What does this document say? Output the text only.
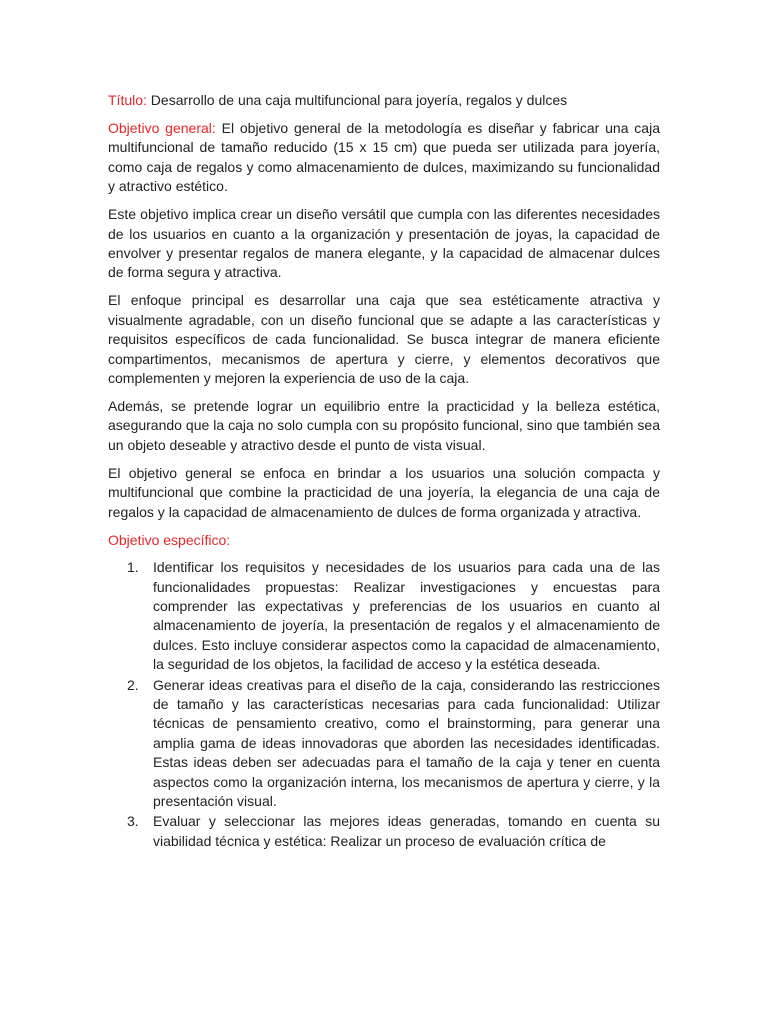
Título: Desarrollo de una caja multifuncional para joyería, regalos y dulces

Objetivo general: El objetivo general de la metodología es diseñar y fabricar una caja multifuncional de tamaño reducido (15 x 15 cm) que pueda ser utilizada para joyería, como caja de regalos y como almacenamiento de dulces, maximizando su funcionalidad y atractivo estético.

Este objetivo implica crear un diseño versátil que cumpla con las diferentes necesidades de los usuarios en cuanto a la organización y presentación de joyas, la capacidad de envolver y presentar regalos de manera elegante, y la capacidad de almacenar dulces de forma segura y atractiva.

El enfoque principal es desarrollar una caja que sea estéticamente atractiva y visualmente agradable, con un diseño funcional que se adapte a las características y requisitos específicos de cada funcionalidad. Se busca integrar de manera eficiente compartimentos, mecanismos de apertura y cierre, y elementos decorativos que complementen y mejoren la experiencia de uso de la caja.

Además, se pretende lograr un equilibrio entre la practicidad y la belleza estética, asegurando que la caja no solo cumpla con su propósito funcional, sino que también sea un objeto deseable y atractivo desde el punto de vista visual.

El objetivo general se enfoca en brindar a los usuarios una solución compacta y multifuncional que combine la practicidad de una joyería, la elegancia de una caja de regalos y la capacidad de almacenamiento de dulces de forma organizada y atractiva.

Objetivo específico:

1. Identificar los requisitos y necesidades de los usuarios para cada una de las funcionalidades propuestas: Realizar investigaciones y encuestas para comprender las expectativas y preferencias de los usuarios en cuanto al almacenamiento de joyería, la presentación de regalos y el almacenamiento de dulces. Esto incluye considerar aspectos como la capacidad de almacenamiento, la seguridad de los objetos, la facilidad de acceso y la estética deseada.
2. Generar ideas creativas para el diseño de la caja, considerando las restricciones de tamaño y las características necesarias para cada funcionalidad: Utilizar técnicas de pensamiento creativo, como el brainstorming, para generar una amplia gama de ideas innovadoras que aborden las necesidades identificadas. Estas ideas deben ser adecuadas para el tamaño de la caja y tener en cuenta aspectos como la organización interna, los mecanismos de apertura y cierre, y la presentación visual.
3. Evaluar y seleccionar las mejores ideas generadas, tomando en cuenta su viabilidad técnica y estética: Realizar un proceso de evaluación crítica de
